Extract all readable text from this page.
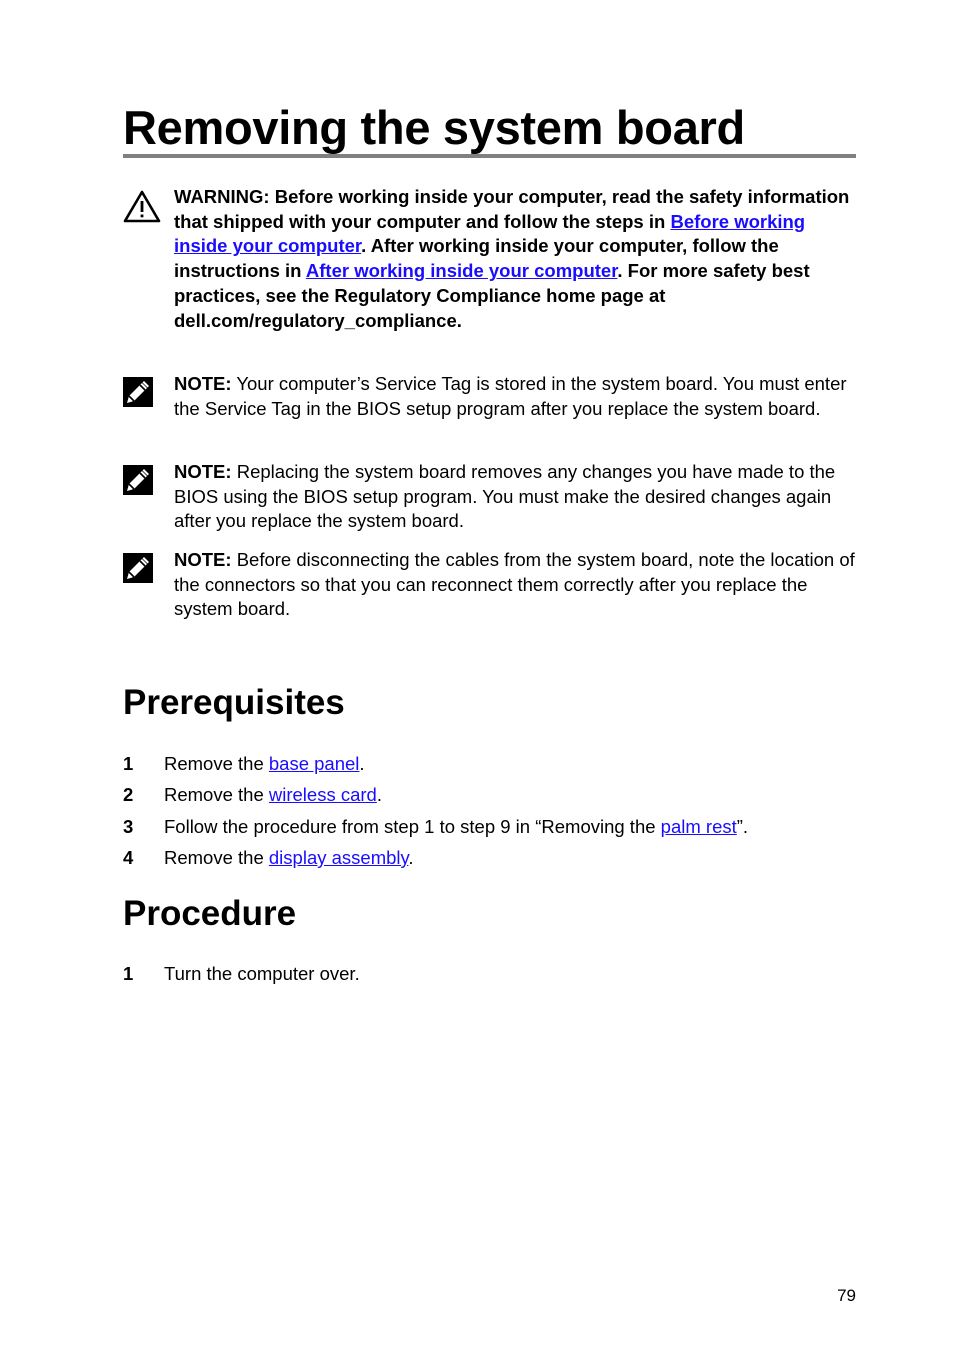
Removing the system board
WARNING: Before working inside your computer, read the safety information that shipped with your computer and follow the steps in Before working inside your computer. After working inside your computer, follow the instructions in After working inside your computer. For more safety best practices, see the Regulatory Compliance home page at dell.com/regulatory_compliance.
NOTE: Your computer’s Service Tag is stored in the system board. You must enter the Service Tag in the BIOS setup program after you replace the system board.
NOTE: Replacing the system board removes any changes you have made to the BIOS using the BIOS setup program. You must make the desired changes again after you replace the system board.
NOTE: Before disconnecting the cables from the system board, note the location of the connectors so that you can reconnect them correctly after you replace the system board.
Prerequisites
1 Remove the base panel.
2 Remove the wireless card.
3 Follow the procedure from step 1 to step 9 in “Removing the palm rest”.
4 Remove the display assembly.
Procedure
1 Turn the computer over.
79
